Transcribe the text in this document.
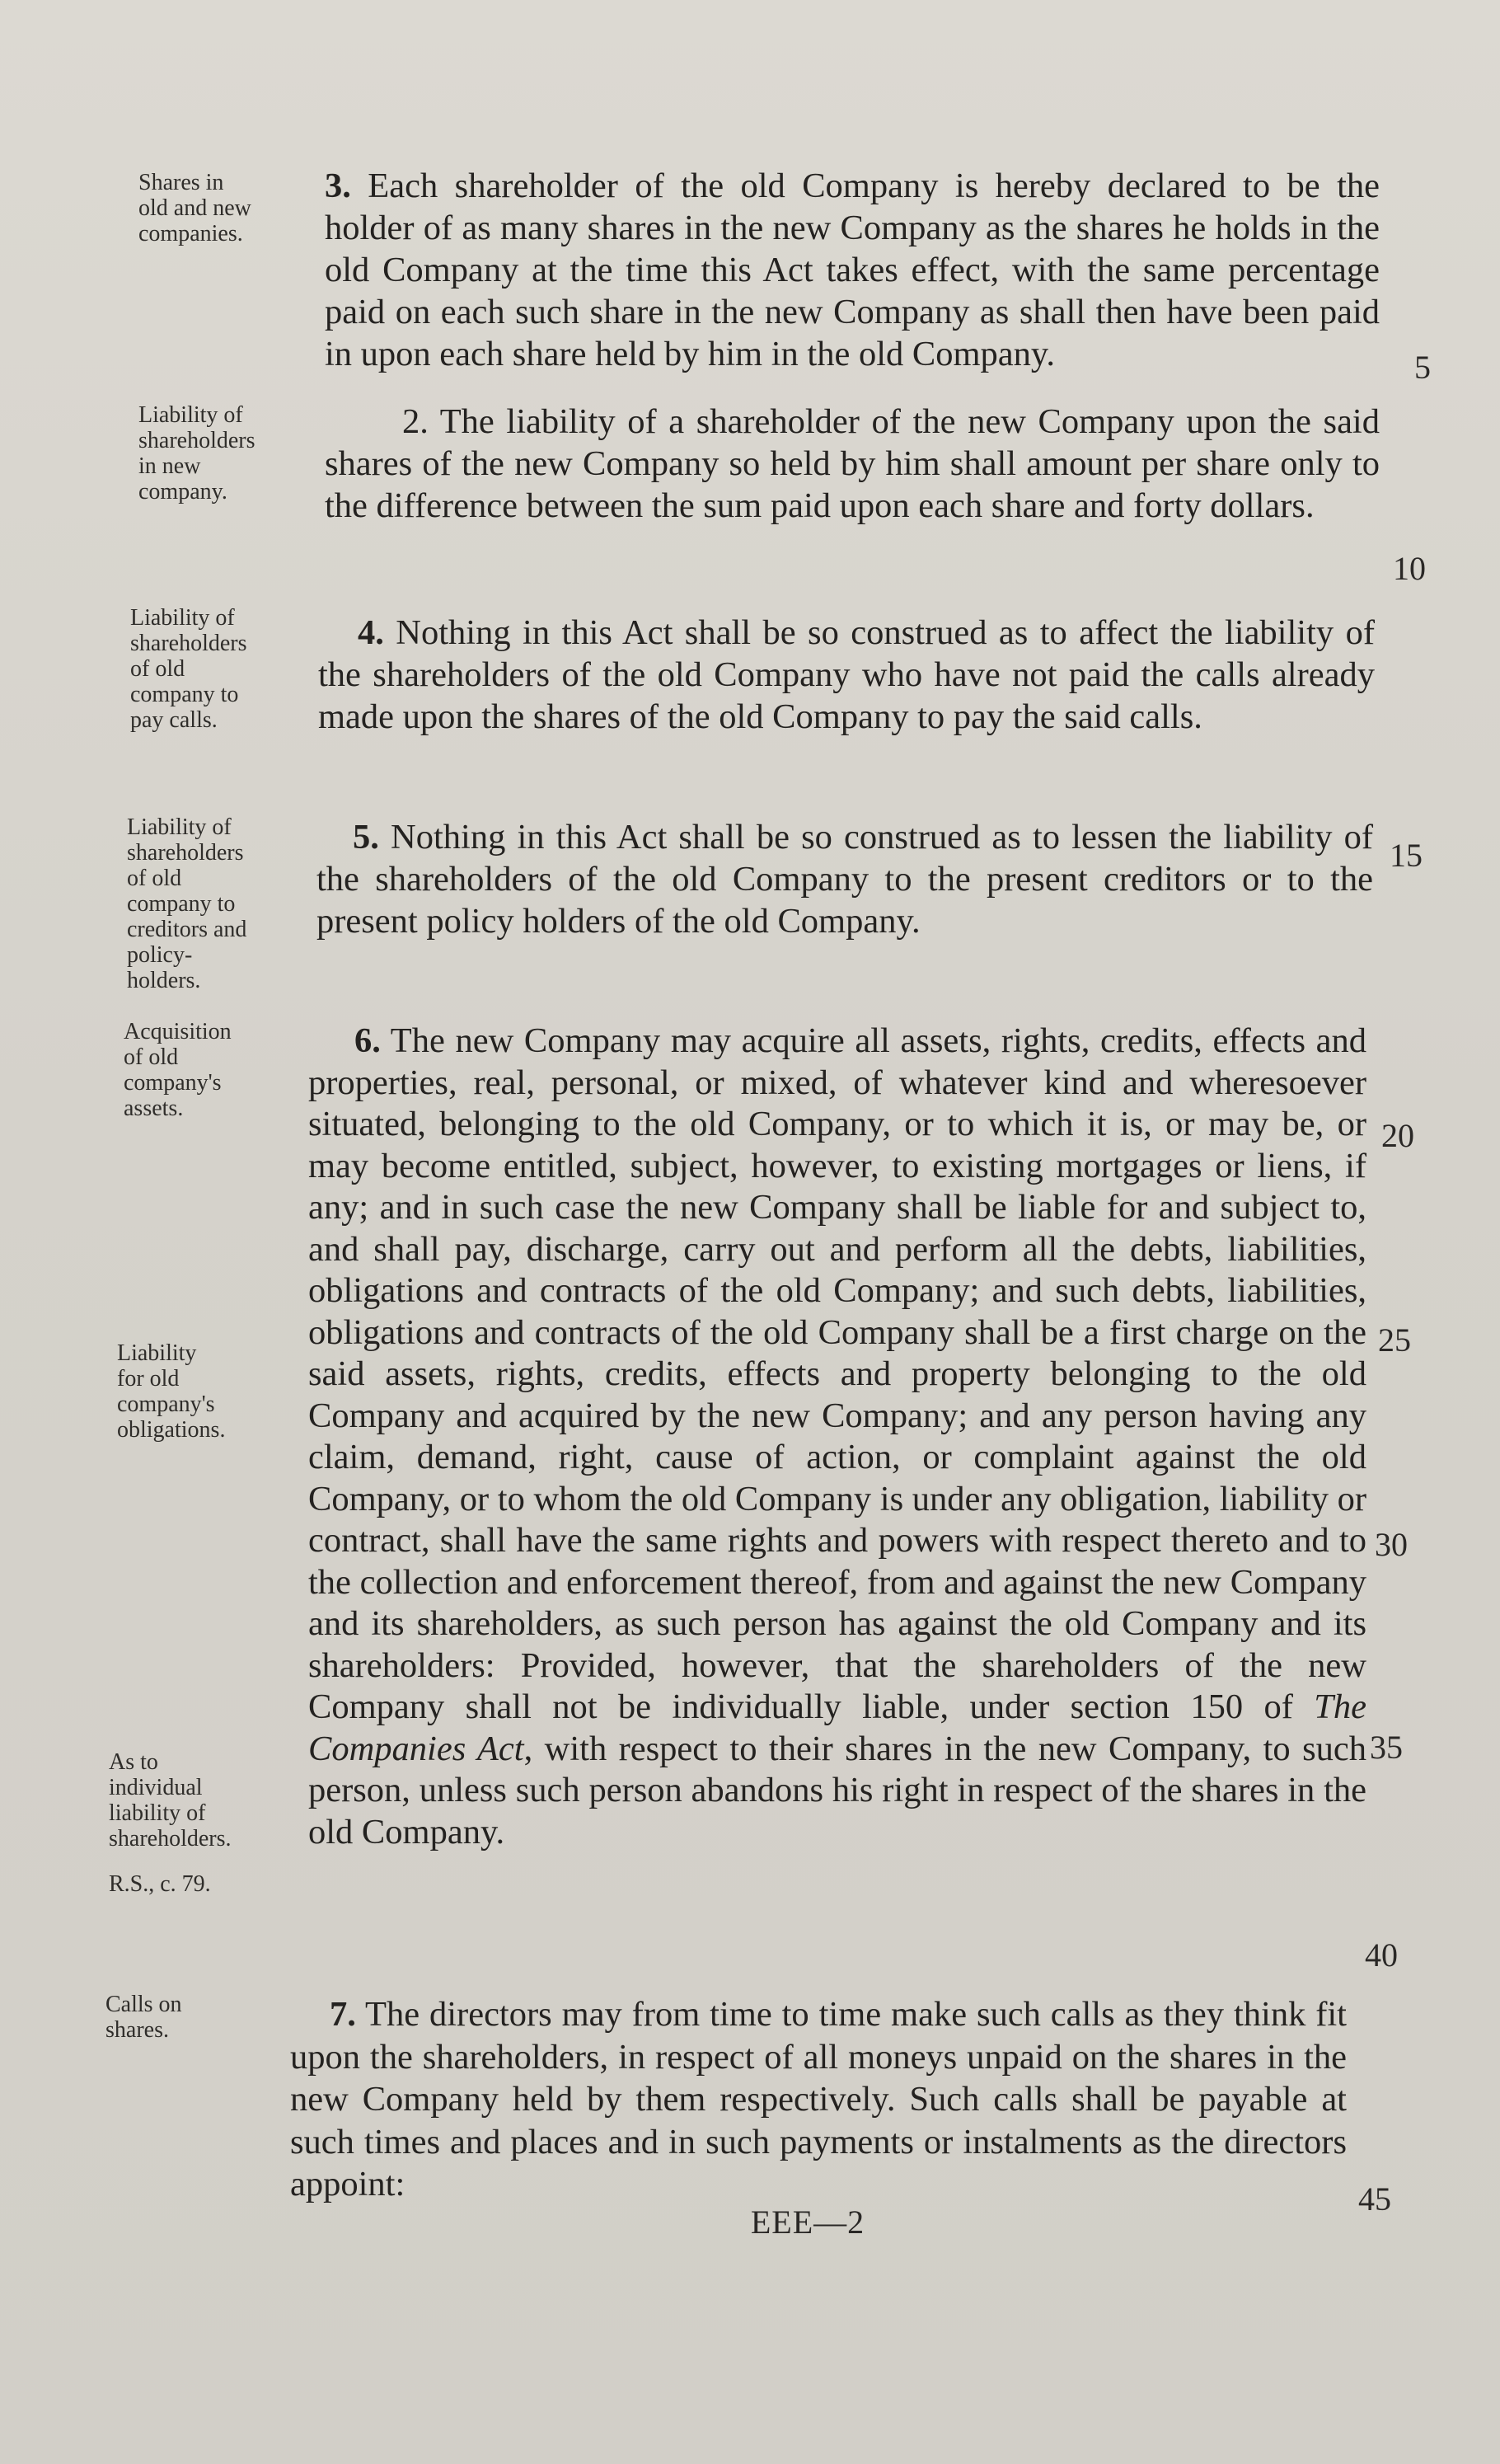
Shares in
old and new
companies.
3. Each shareholder of the old Company is hereby declared to be the holder of as many shares in the new Company as the shares he holds in the old Company at the time this Act takes effect, with the same percentage paid on each such share in the new Company as shall then have been paid in upon each share held by him in the old Company.
Liability of
shareholders
in new
company.
2. The liability of a shareholder of the new Company upon the said shares of the new Company so held by him shall amount per share only to the difference between the sum paid upon each share and forty dollars.
Liability of
shareholders
of old
company to
pay calls.
4. Nothing in this Act shall be so construed as to affect the liability of the shareholders of the old Company who have not paid the calls already made upon the shares of the old Company to pay the said calls.
Liability of
shareholders
of old
company to
creditors and
policy-
holders.
5. Nothing in this Act shall be so construed as to lessen the liability of the shareholders of the old Company to the present creditors or to the present policy holders of the old Company.
Acquisition
of old
company's
assets.
Liability
for old
company's
obligations.
As to
individual
liability of
shareholders.
R.S., c. 79.
6. The new Company may acquire all assets, rights, credits, effects and properties, real, personal, or mixed, of whatever kind and wheresoever situated, belonging to the old Company, or to which it is, or may be, or may become entitled, subject, however, to existing mortgages or liens, if any; and in such case the new Company shall be liable for and subject to, and shall pay, discharge, carry out and perform all the debts, liabilities, obligations and contracts of the old Company; and such debts, liabilities, obligations and contracts of the old Company shall be a first charge on the said assets, rights, credits, effects and property belonging to the old Company and acquired by the new Company; and any person having any claim, demand, right, cause of action, or complaint against the old Company, or to whom the old Company is under any obligation, liability or contract, shall have the same rights and powers with respect thereto and to the collection and enforcement thereof, from and against the new Company and its shareholders, as such person has against the old Company and its shareholders: Provided, however, that the shareholders of the new Company shall not be individually liable, under section 150 of The Companies Act, with respect to their shares in the new Company, to such person, unless such person abandons his right in respect of the shares in the old Company.
Calls on
shares.	7. The directors may from time to time make such calls as they think fit upon the shareholders, in respect of all moneys unpaid on the shares in the new Company held by them respectively. Such calls shall be payable at such times and places and in such payments or instalments as the directors appoint:
5
10
15
20
25
30
35
40
45
EEE—2
